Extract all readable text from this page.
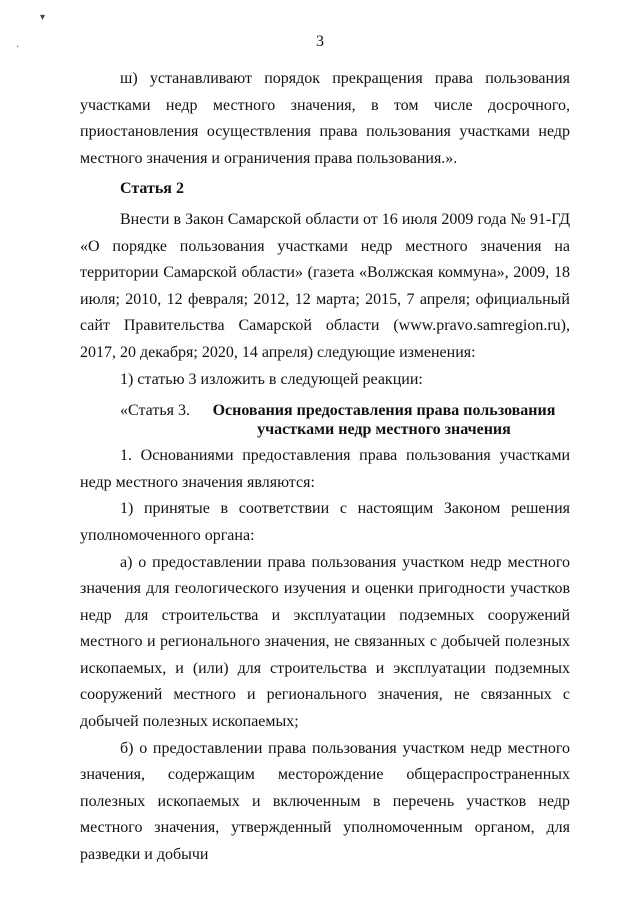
▾
·	3

ш) устанавливают порядок прекращения права пользования участками недр местного значения, в том числе досрочного, приостановления осуществления права пользования участками недр местного значения и ограничения права пользования.».

Статья 2

Внести в Закон Самарской области от 16 июля 2009 года № 91-ГД «О порядке пользования участками недр местного значения на территории Самарской области» (газета «Волжская коммуна», 2009, 18 июля; 2010, 12 февраля; 2012, 12 марта; 2015, 7 апреля; официальный сайт Правительства Самарской области (www.pravo.samregion.ru), 2017, 20 декабря; 2020, 14 апреля) следующие изменения:

1) статью 3 изложить в следующей реакции:

«Статья 3.	Основания предоставления права пользования участками недр местного значения

1. Основаниями предоставления права пользования участками недр местного значения являются:

1) принятые в соответствии с настоящим Законом решения уполномоченного органа:

а) о предоставлении права пользования участком недр местного значения для геологического изучения и оценки пригодности участков недр для строительства и эксплуатации подземных сооружений местного и регионального значения, не связанных с добычей полезных ископаемых, и (или) для строительства и эксплуатации подземных сооружений местного и регионального значения, не связанных с добычей полезных ископаемых;

б) о предоставлении права пользования участком недр местного значения, содержащим месторождение общераспространенных полезных ископаемых и включенным в перечень участков недр местного значения, утвержденный уполномоченным органом, для разведки и добычи
